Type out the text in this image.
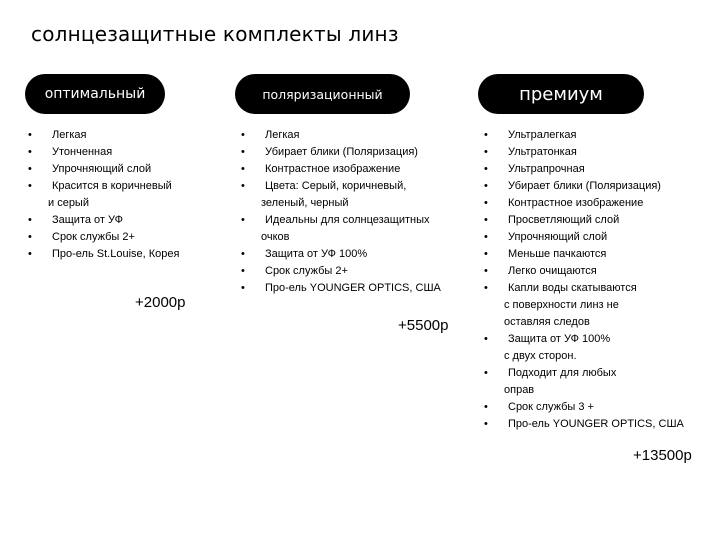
солнцезащитные комплекты линз
оптимальный	поляризационный	премиум
• Легкая
• Утонченная
• Упрочняющий слой
• Красится в коричневый
и серый
• Защита от УФ
• Срок службы 2+
• Про-ель St.Louise, Корея
• Легкая
• Убирает блики (Поляризация)
• Контрастное изображение
• Цвета: Серый, коричневый,
зеленый, черный
• Идеальны для солнцезащитных
очков
• Защита от УФ 100%
• Срок службы 2+
• Про-ель YOUNGER OPTICS, США
• Ультралегкая
• Ультратонкая
• Ультрапрочная
• Убирает блики (Поляризация)
• Контрастное изображение
• Просветляющий слой
• Упрочняющий слой
• Меньше пачкаются
• Легко очищаются
• Капли воды скатываются
с поверхности линз не
оставляя следов
• Защита от УФ 100%
с двух сторон.
• Подходит для любых
оправ
• Срок службы 3 +
• Про-ель YOUNGER OPTICS, США
+2000р
+5500р
+13500р
